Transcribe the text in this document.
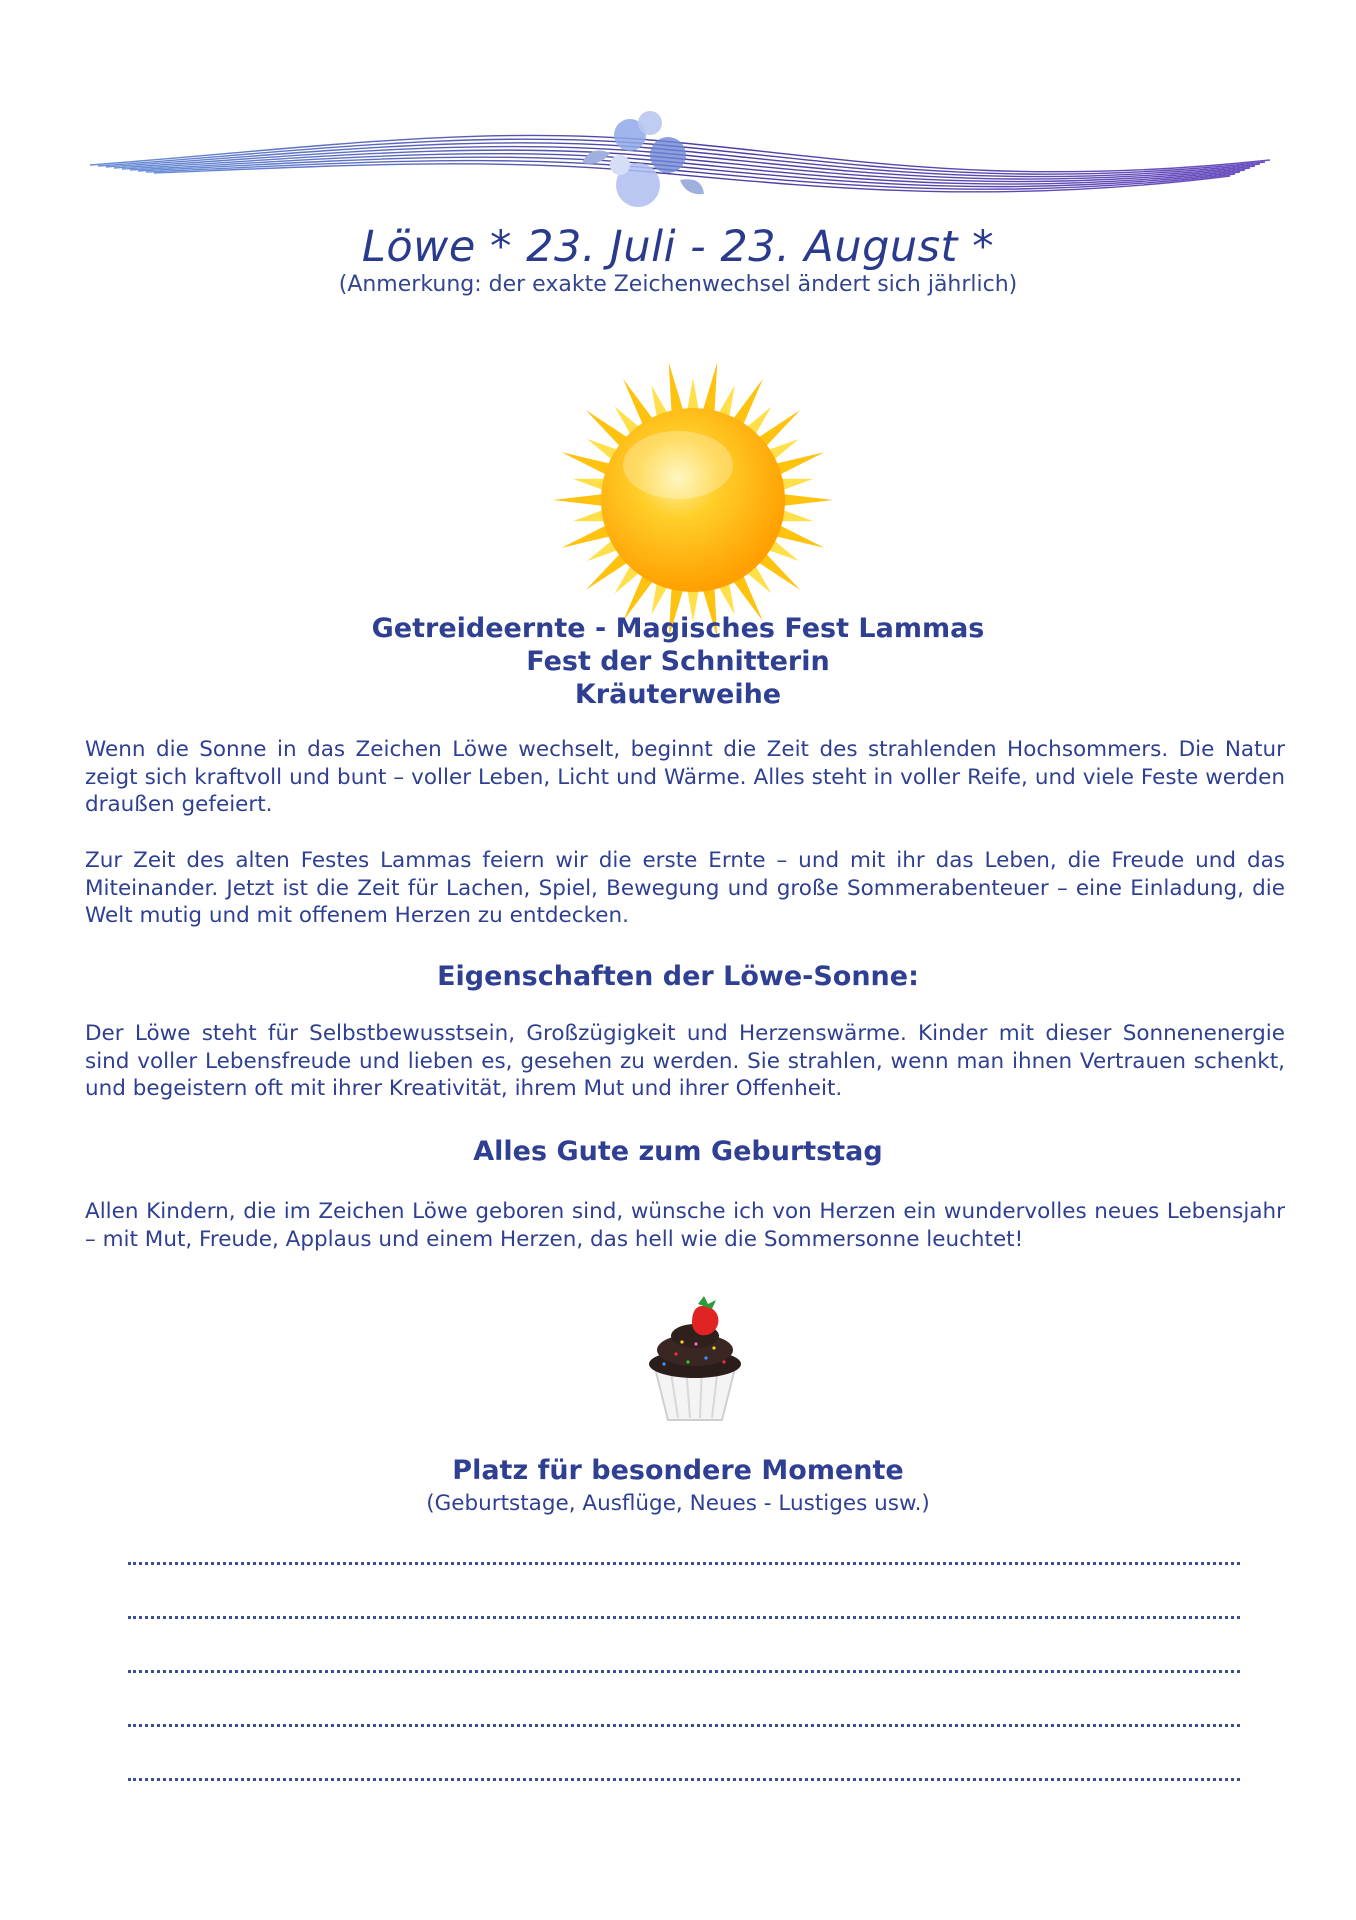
Löwe * 23. Juli - 23. August *
(Anmerkung: der exakte Zeichenwechsel ändert sich jährlich)
Getreideernte - Magisches Fest Lammas
Fest der Schnitterin
Kräuterweihe
Wenn die Sonne in das Zeichen Löwe wechselt, beginnt die Zeit des strahlenden Hochsommers. Die Natur zeigt sich kraftvoll und bunt – voller Leben, Licht und Wärme. Alles steht in voller Reife, und viele Feste werden draußen gefeiert.
Zur Zeit des alten Festes Lammas feiern wir die erste Ernte – und mit ihr das Leben, die Freude und das Miteinander. Jetzt ist die Zeit für Lachen, Spiel, Bewegung und große Sommerabenteuer – eine Einladung, die Welt mutig und mit offenem Herzen zu entdecken.
Eigenschaften der Löwe-Sonne:
Der Löwe steht für Selbstbewusstsein, Großzügigkeit und Herzenswärme. Kinder mit dieser Sonnenenergie sind voller Lebensfreude und lieben es, gesehen zu werden. Sie strahlen, wenn man ihnen Vertrauen schenkt, und begeistern oft mit ihrer Kreativität, ihrem Mut und ihrer Offenheit.
Alles Gute zum Geburtstag
Allen Kindern, die im Zeichen Löwe geboren sind, wünsche ich von Herzen ein wundervolles neues Lebensjahr – mit Mut, Freude, Applaus und einem Herzen, das hell wie die Sommersonne leuchtet!
Platz für besondere Momente
(Geburtstage, Ausflüge, Neues - Lustiges usw.)
